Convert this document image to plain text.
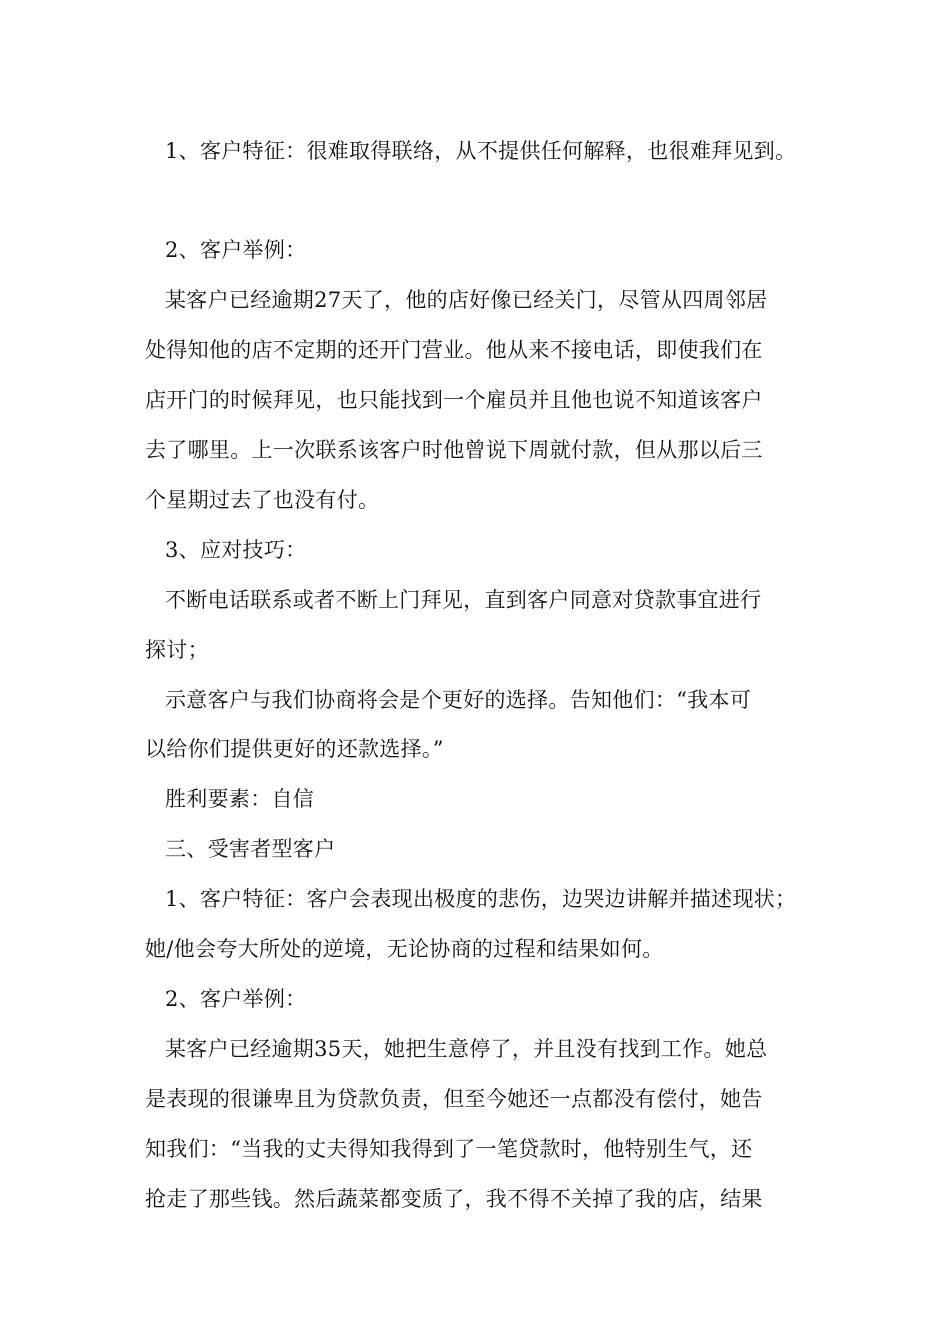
1、客户特征：很难取得联络，从不提供任何解释，也很难拜见到。
2、客户举例：
某客户已经逾期27天了，他的店好像已经关门，尽管从四周邻居
处得知他的店不定期的还开门营业。他从来不接电话，即使我们在
店开门的时候拜见，也只能找到一个雇员并且他也说不知道该客户
去了哪里。上一次联系该客户时他曾说下周就付款，但从那以后三
个星期过去了也没有付。
3、应对技巧：
不断电话联系或者不断上门拜见，直到客户同意对贷款事宜进行
探讨；
示意客户与我们协商将会是个更好的选择。告知他们：“我本可
以给你们提供更好的还款选择。”
胜利要素：自信
三、受害者型客户
1、客户特征：客户会表现出极度的悲伤，边哭边讲解并描述现状；
她/他会夸大所处的逆境，无论协商的过程和结果如何。
2、客户举例：
某客户已经逾期35天，她把生意停了，并且没有找到工作。她总
是表现的很谦卑且为贷款负责，但至今她还一点都没有偿付，她告
知我们：“当我的丈夫得知我得到了一笔贷款时，他特别生气，还
抢走了那些钱。然后蔬菜都变质了，我不得不关掉了我的店，结果
